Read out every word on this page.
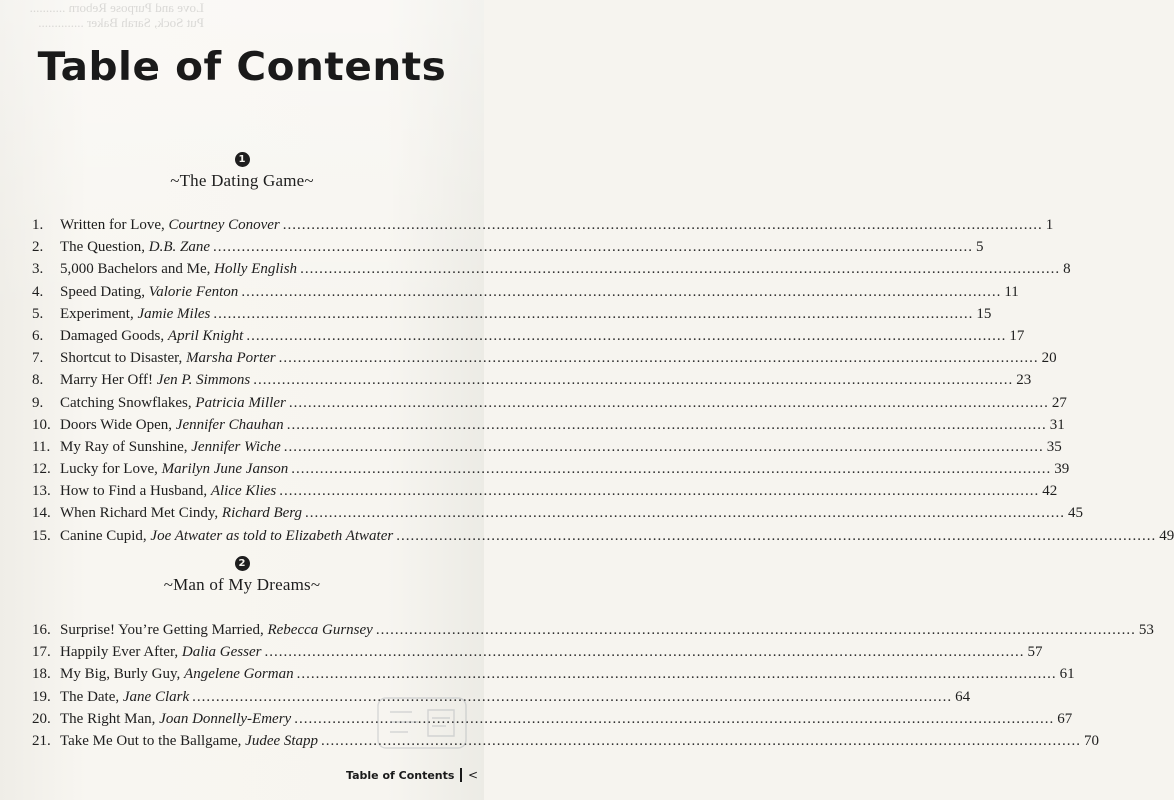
Love and Purpose Reborn ...........
Put Sock, Sarah Baker ..............
Table of Contents
1
~The Dating Game~
1.	Written for Love, Courtney Conover ................................................................................................................................................................ 1
2.	The Question, D.B. Zane ................................................................................................................................................................ 5
3.	5,000 Bachelors and Me, Holly English ................................................................................................................................................................ 8
4.	Speed Dating, Valorie Fenton ................................................................................................................................................................ 11
5.	Experiment, Jamie Miles ................................................................................................................................................................ 15
6.	Damaged Goods, April Knight ................................................................................................................................................................ 17
7.	Shortcut to Disaster, Marsha Porter ................................................................................................................................................................ 20
8.	Marry Her Off! Jen P. Simmons ................................................................................................................................................................ 23
9.	Catching Snowflakes, Patricia Miller ................................................................................................................................................................ 27
10. Doors Wide Open, Jennifer Chauhan ................................................................................................................................................................ 31
11. My Ray of Sunshine, Jennifer Wiche ................................................................................................................................................................ 35
12. Lucky for Love, Marilyn June Janson ................................................................................................................................................................ 39
13. How to Find a Husband, Alice Klies ................................................................................................................................................................ 42
14. When Richard Met Cindy, Richard Berg ................................................................................................................................................................ 45
15. Canine Cupid, Joe Atwater as told to Elizabeth Atwater ................................................................................................................................................................ 49
2
~Man of My Dreams~
16. Surprise! You’re Getting Married, Rebecca Gurnsey ................................................................................................................................................................ 53
17. Happily Ever After, Dalia Gesser ................................................................................................................................................................ 57
18. My Big, Burly Guy, Angelene Gorman ................................................................................................................................................................ 61
19. The Date, Jane Clark ................................................................................................................................................................ 64
20. The Right Man, Joan Donnelly-Emery ................................................................................................................................................................ 67
21. Take Me Out to the Ballgame, Judee Stapp ................................................................................................................................................................ 70
Table of Contents <
